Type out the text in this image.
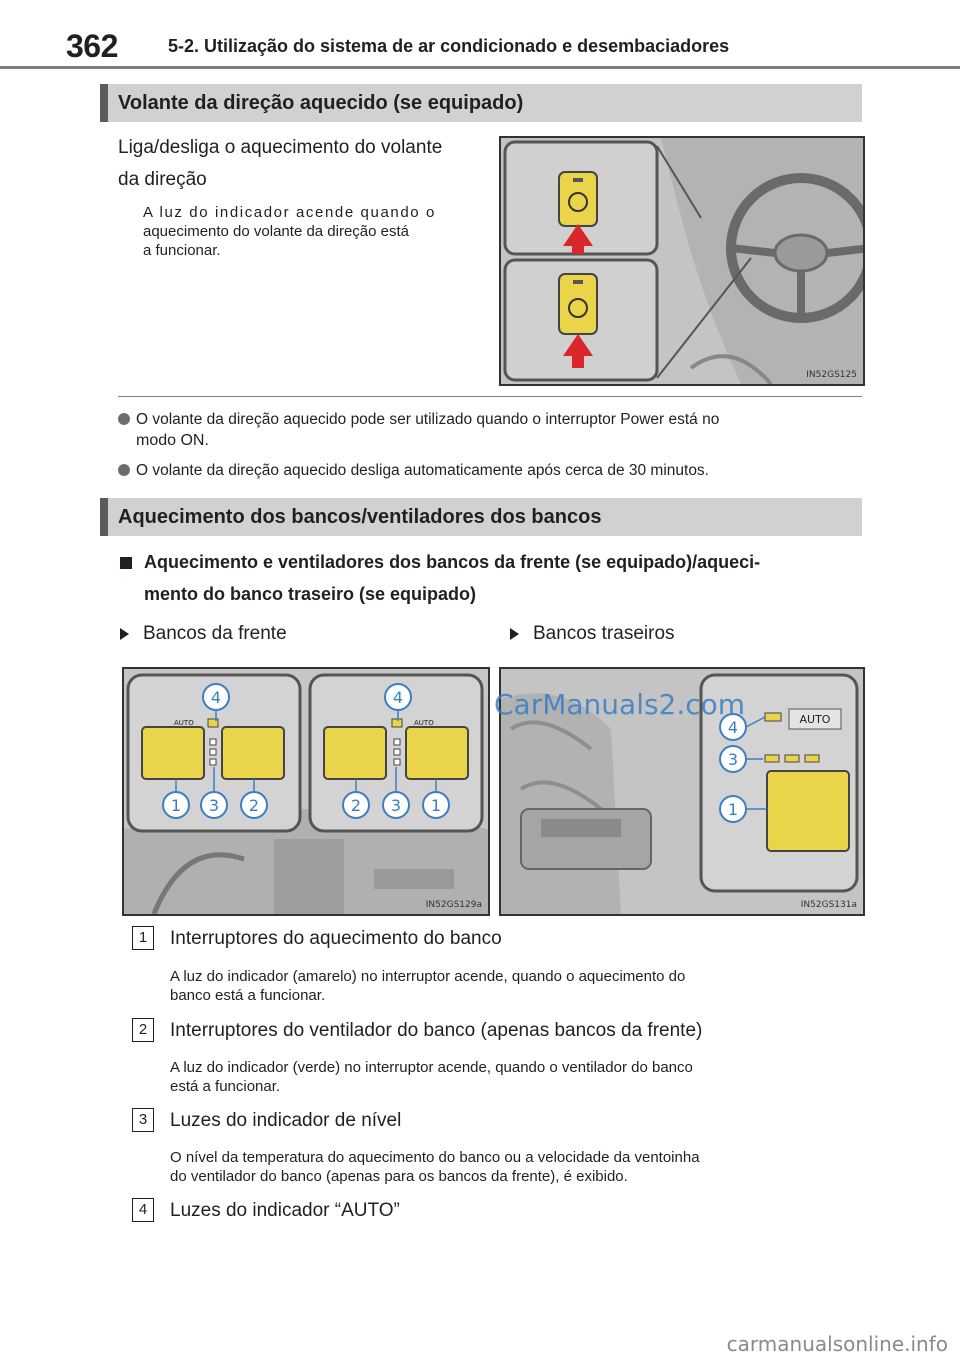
362	5-2. Utilização do sistema de ar condicionado e desembaciadores
Volante da direção aquecido (se equipado)
Liga/desliga o aquecimento do volante
da direção
A luz do indicador acende quando o
aquecimento do volante da direção está
a funcionar.
IN52GS125
O volante da direção aquecido pode ser utilizado quando o interruptor Power está no
modo ON.
O volante da direção aquecido desliga automaticamente após cerca de 30 minutos.
Aquecimento dos bancos/ventiladores dos bancos
Aquecimento e ventiladores dos bancos da frente (se equipado)/aqueci-
mento do banco traseiro (se equipado)
Bancos da frente	Bancos traseiros
AUTO	AUTO
4	4
1 3 2	2 3 1
IN52GS129a
4
3
1
AUTO
IN52GS131a
CarManuals2.com
1	Interruptores do aquecimento do banco
A luz do indicador (amarelo) no interruptor acende, quando o aquecimento do
banco está a funcionar.
2	Interruptores do ventilador do banco (apenas bancos da frente)
A luz do indicador (verde) no interruptor acende, quando o ventilador do banco
está a funcionar.
3	Luzes do indicador de nível
O nível da temperatura do aquecimento do banco ou a velocidade da ventoinha
do ventilador do banco (apenas para os bancos da frente), é exibido.
4	Luzes do indicador “AUTO”
carmanualsonline.info
